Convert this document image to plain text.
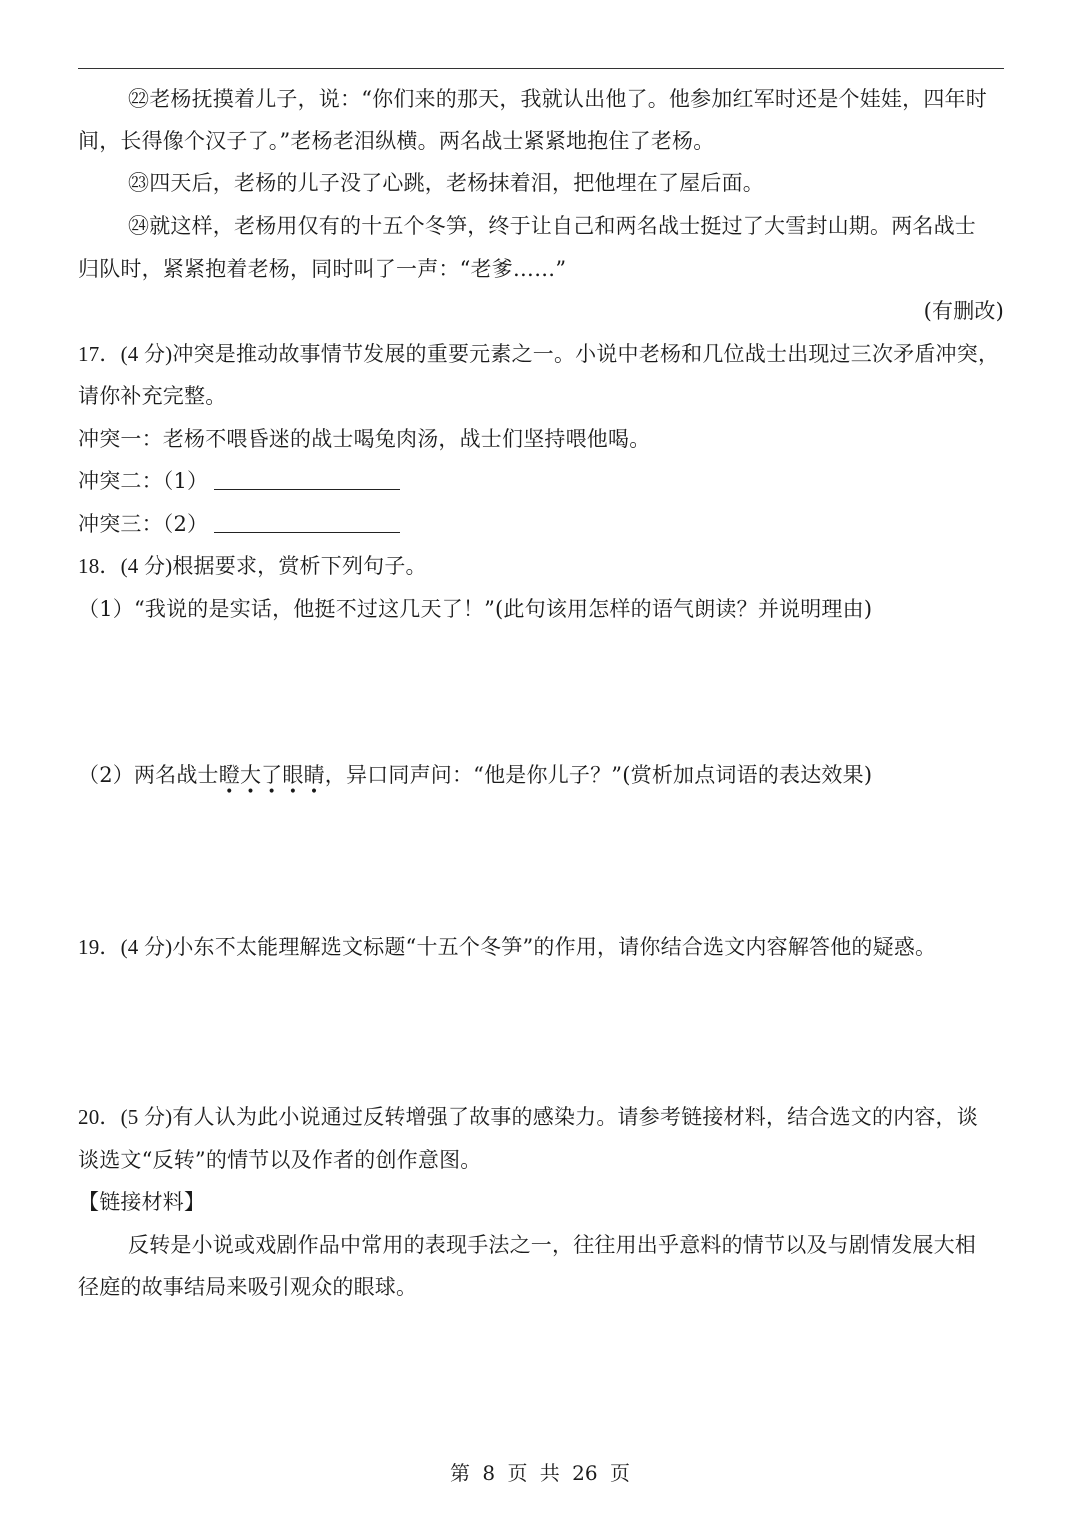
㉒老杨抚摸着儿子，说：“你们来的那天，我就认出他了。他参加红军时还是个娃娃，四年时
间，长得像个汉子了。”老杨老泪纵横。两名战士紧紧地抱住了老杨。
㉓四天后，老杨的儿子没了心跳，老杨抹着泪，把他埋在了屋后面。
㉔就这样，老杨用仅有的十五个冬笋，终于让自己和两名战士挺过了大雪封山期。两名战士
归队时，紧紧抱着老杨，同时叫了一声：“老爹……”
(有删改)
17．(4 分)冲突是推动故事情节发展的重要元素之一。小说中老杨和几位战士出现过三次矛盾冲突，
请你补充完整。
冲突一：老杨不喂昏迷的战士喝兔肉汤，战士们坚持喂他喝。
冲突二：（1）
冲突三：（2）
18．(4 分)根据要求，赏析下列句子。
（1）“我说的是实话，他挺不过这几天了！”(此句该用怎样的语气朗读？并说明理由)
（2）两名战士瞪大了眼睛
• • • • •
，异口同声问：“他是你儿子？”(赏析加点词语的表达效果)
19．(4 分)小东不太能理解选文标题“十五个冬笋”的作用，请你结合选文内容解答他的疑惑。
20．(5 分)有人认为此小说通过反转增强了故事的感染力。请参考链接材料，结合选文的内容，谈
谈选文“反转”的情节以及作者的创作意图。
【链接材料】
反转是小说或戏剧作品中常用的表现手法之一，往往用出乎意料的情节以及与剧情发展大相
径庭的故事结局来吸引观众的眼球。
第 8 页 共 26 页
